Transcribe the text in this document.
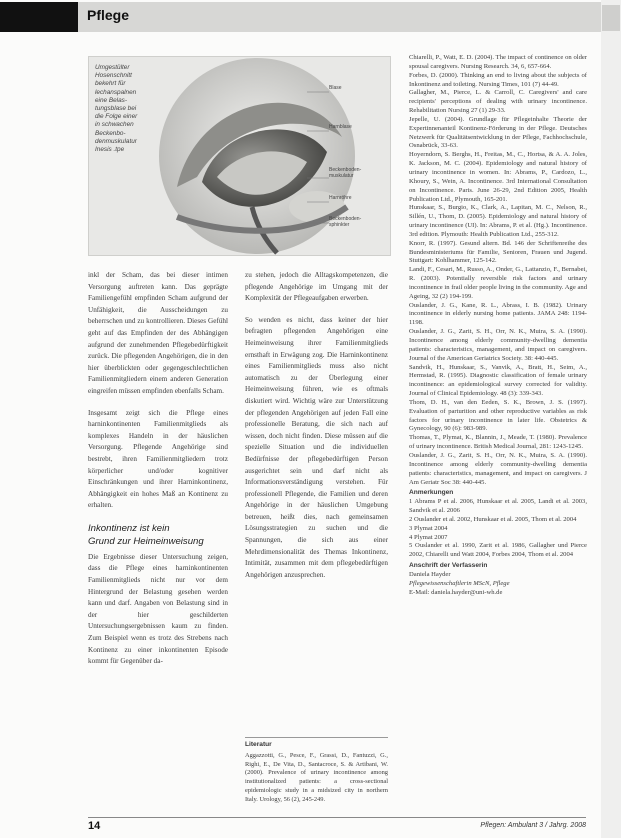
Pflege
Umgestülter
Hosenschnitt
bekehrt für
lechanspalnen
eine Belas-
tungsblase bei
die Folge einer
in schwachen
Beckenbo-
denmuskulatur
Inesis .tpe
Blase
Harnblase
Beckenboden-muskulatur
Harnröhre
Beckenboden-sphinkter

inkl der Scham, das bei dieser intimen Versorgung auftreten kann. Das geprägte Familiengefühl empfinden Scham aufgrund der Unfähigkeit, die Ausscheidungen zu beherrschen und zu kontrollieren. Dieses Gefühl geht auf das Empfinden der des Abhängigen aufgrund der zunehmenden Pflegebedürftigkeit zurück. Die pflegenden Angehörigen, die in den hier überblickten oder gegengeschlechtlichen Familienmitgliedern einem anderen Generation eingreifen müssen empfinden ebenfalls Scham.

Insgesamt zeigt sich die Pflege eines harninkontinenten Familienmitglieds als komplexes Handeln in der häuslichen Versorgung. Pflegende Angehörige sind bestrebt, ihren Familienmitgliedern trotz körperlicher und/oder kognitiver Einschränkungen und ihrer Harninkontinenz, Abhängigkeit ein hohes Maß an Kontinenz zu erhalten.

Inkontinenz ist kein
Grund zur Heimeinweisung

Die Ergebnisse dieser Untersuchung zeigen, dass die Pflege eines harninkontinenten Familienmitglieds nicht nur vor dem Hintergrund der Belastung gesehen werden kann und darf. Angaben von Belastung sind in der hier geschilderten Untersuchungsergebnissen kaum zu finden. Zum Beispiel wenn es trotz des Strebens nach Kontinenz zu einer inkontinenten Episode kommt für Gegenüber da-

zu stehen, jedoch die Alltagskompetenzen, die pflegende Angehörige im Umgang mit der Komplexität der Pflegeaufgaben erwerben.

So wenden es nicht, dass keiner der hier befragten pflegenden Angehörigen eine Heimeinweisung ihrer Familienmitglieds ernsthaft in Erwägung zog. Die Harninkontinenz eines Familienmitglieds muss also nicht automatisch zu der Überlegung einer Heimeinweisung führen, wie es oftmals diskutiert wird. Wichtig wäre zur Unterstützung der pflegenden Angehörigen auf jeden Fall eine professionelle Beratung, die sich nach auf wissen, doch nicht finden. Diese müssen auf die spezielle Situation und die individuellen Bedürfnisse der pflegebedürftigen Person ausgerichtet sein und darf nicht als Informationsverständigung verstehen. Für professionell Pflegende, die Familien und deren Angehörige in der häuslichen Umgebung betreuen, heißt dies, nach gemeinsamen Lösungsstrategien zu suchen und die Spannungen, die sich aus einer Mehrdimensionalität des Themas Inkontinenz, Intimität, zusammen mit dem pflegebedürftigen Angehörigen anzusprechen.

Literatur

Aggazzotti, G., Pesce, F., Grassi, D., Fantuzzi, G., Righi, E., De Vita, D., Santacroce, S. & Artibani, W. (2000). Prevalence of urinary incontinence among institutionalized patients: a cross-sectional epidemiologic study in a midsized city in northern Italy. Urology, 56 (2), 245-249.

Chiarelli, P., Watt, E. D. (2004). The impact of continence on older spousal caregivers. Nursing Research. 34, 6, 657-664.

Forbes, D. (2000). Thinking an end to living about the subjects of Inkontinenz and toileting. Nursing Times, 101 (7) 44-49.

Gallagher, M., Pierce, L. & Carroll, C. Caregivers' and care recipients' perceptions of dealing with urinary incontinence. Rehabilitation Nursing 27 (1) 29-33.

Jepelle, U. (2004). Grundlage für Pflegeinhalte Theorie der Expertinnenanteil Kontinenz-Förderung in der Pflege. Deutsches Netzwerk für Qualitätsentwicklung in der Pflege, Fachhochschule, Osnabrück, 33-63.

Hoyerndorn, S. Berghs, H., Freitas, M., C., Hortsa, & A. A. Joles, K. Jackson, M. C. (2004). Epidemiology and natural history of urinary incontinence in women. In: Abrams, P., Cardozo, L., Khoury, S., Wein, A. Incontinence. 3rd International Consultation on Incontinence. Paris. June 26-29, 2nd Edition 2005, Health Publication Ltd., Plymouth, 165-201.

Hunskaar, S., Burgio, K., Clark, A., Lapitan, M. C., Nelson, R., Sillén, U., Thom, D. (2005). Epidemiology and natural history of urinary incontinence (UI). In: Abrams, P. et al. (Hg.). Incontinence. 3rd edition. Plymouth: Health Publication Ltd., 255-312.

Knorr, R. (1997). Gesund altern. Bd. 146 der Schriftenreihe des Bundesministeriums für Familie, Senioren, Frauen und Jugend. Stuttgart: Kohlhammer, 125-142.

Landi, F., Cesari, M., Russo, A., Onder, G., Lattanzio, F., Bernabei, R. (2003). Potentially reversible risk factors and urinary incontinence in frail older people living in the community. Age and Ageing, 32 (2) 194-199.

Ouslander, J. G., Kane, R. L., Abrass, I. B. (1982). Urinary incontinence in elderly nursing home patients. JAMA 248: 1194-1198.

Ouslander, J. G., Zarit, S. H., Orr, N. K., Muira, S. A. (1990). Incontinence among elderly community-dwelling dementia patients: characteristics, management, and impact on caregivers. Journal of the American Geriatrics Society. 38: 440-445.

Sandvik, H., Hunskaar, S., Vanvik, A., Bratt, H., Seim, A., Hermstad, R. (1995). Diagnostic classification of female urinary incontinence: an epidemiological survey corrected for validity. Journal of Clinical Epidemiology. 48 (3): 339-343.

Thom, D. H., van den Eeden, S. K., Brown, J. S. (1997). Evaluation of parturition and other reproductive variables as risk factors for urinary incontinence in later life. Obstetrics & Gynecology, 90 (6): 983-989.

Thomas, T., Plymat, K., Blannin, J., Meade, T. (1980). Prevalence of urinary incontinence. British Medical Journal, 281: 1243-1245.

Ouslander, J. G., Zarit, S. H., Orr, N. K., Muira, S. A. (1990). Incontinence among elderly community-dwelling dementia patients: characteristics, management, and impact on caregivers. J Am Geriatr Soc 38: 440-445.

Anmerkungen

1 Abrams P et al. 2006, Hunskaar et al. 2005, Landi et al. 2003, Sandvik et al. 2006

2 Ouslander et al. 2002, Hunskaar et al. 2005, Thom et al. 2004

3 Plymat 2004

4 Plymat 2007

5 Ouslander et al. 1990, Zarit et al. 1986, Gallagher und Pierce 2002, Chiarelli und Watt 2004, Forbes 2004, Thom et al. 2004

Anschrift der Verfasserin

Daniela Hayder

Pflegewissenschaftlerin MScN, Pflege

E-Mail: daniela.hayder@uni-wh.de

14	Pflegen: Ambulant 3 / Jahrg. 2008
